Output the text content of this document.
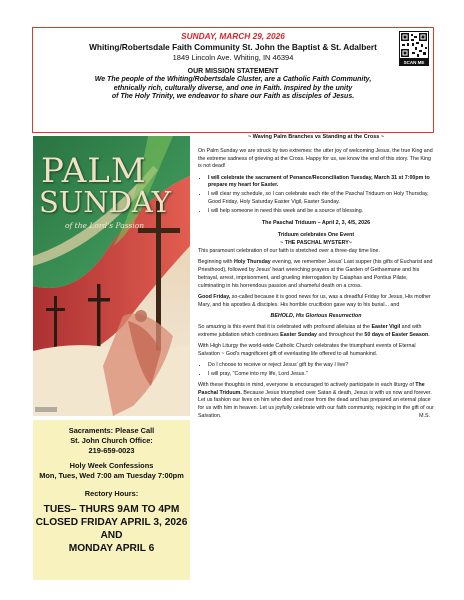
SUNDAY, MARCH 29, 2026
Whiting/Robertsdale Faith Community St. John the Baptist & St. Adalbert
1849 Lincoln Ave. Whiting, IN 46394
OUR MISSION STATEMENT
We The people of the Whiting/Robertsdale Cluster, are a Catholic Faith Community,
ethnically rich, culturally diverse, and one in Faith. Inspired by the unity
of The Holy Trinity, we endeavor to share our Faith as disciples of Jesus.
SCAN ME
PALM
SUNDAY
of the Lord's Passion
Sacraments: Please Call
St. John Church Office:
219-659-0023
Holy Week Confessions
Mon, Tues, Wed 7:00 am Tuesday 7:00pm
Rectory Hours:
TUES– THURS 9AM TO 4PM
CLOSED FRIDAY APRIL 3, 2026 AND
MONDAY APRIL 6

~ Waving Palm Branches vs Standing at the Cross ~

On Palm Sunday we are struck by two extremes: the utter joy of welcoming Jesus, the true King and the extreme sadness of grieving at the Cross. Happy for us, we know the end of this story. The King is not dead!

• I will celebrate the sacrament of Penance/Reconciliation Tuesday, March 31 st 7:00pm to prepare my heart for Easter.
• I will clear my schedule, so I can celebrate each rite of the Paschal Triduum on Holy Thursday, Good Friday, Holy Saturday Easter Vigil, Easter Sunday.
• I will help someone in need this week and be a source of blessing.

The Paschal Triduum – April 2, 3, 4/5, 2026

Triduum celebrates One Event

~ THE PASCHAL MYSTERY~

This paramount celebration of our faith is stretched over a three-day time line.

Beginning with Holy Thursday evening, we remember Jesus' Last supper (his gifts of Eucharist and Priesthood), followed by Jesus' heart wrenching prayers at the Garden of Gethsemane and his betrayal, arrest, imprisonment, and grueling interrogation by Caiaphas and Pontius Pilate, culminating in his horrendous passion and shameful death on a cross.

Good Friday, so-called because it is good news for us, was a dreadful Friday for Jesus, His mother Mary, and his apostles & disciples. His horrible crucifixion gave way to his burial... and

BEHOLD, His Glorious Resurrection

So amazing is this event that it is celebrated with profound alleluias at the Easter Vigil and with extreme jubilation which continues Easter Sunday and throughout the 50 days of Easter Season.

With High Liturgy the world-wide Catholic Church celebrates the triumphant events of Eternal Salvation ~ God's magnificent gift of everlasting life offered to all humankind.

• Do I choose to receive or reject Jesus' gift by the way I live?
• I will pray, "Come into my life, Lord Jesus."

With these thoughts in mind, everyone is encouraged to actively participate in each liturgy of The Paschal Triduum. Because Jesus triumphed over Satan & death, Jesus is with us now and forever. Let us fashion our lives on him who died and rose from the dead and has prepared an eternal place for us with him in heaven. Let us joyfully celebrate with our faith community, rejoicing in the gift of our Salvation.	M.S.
